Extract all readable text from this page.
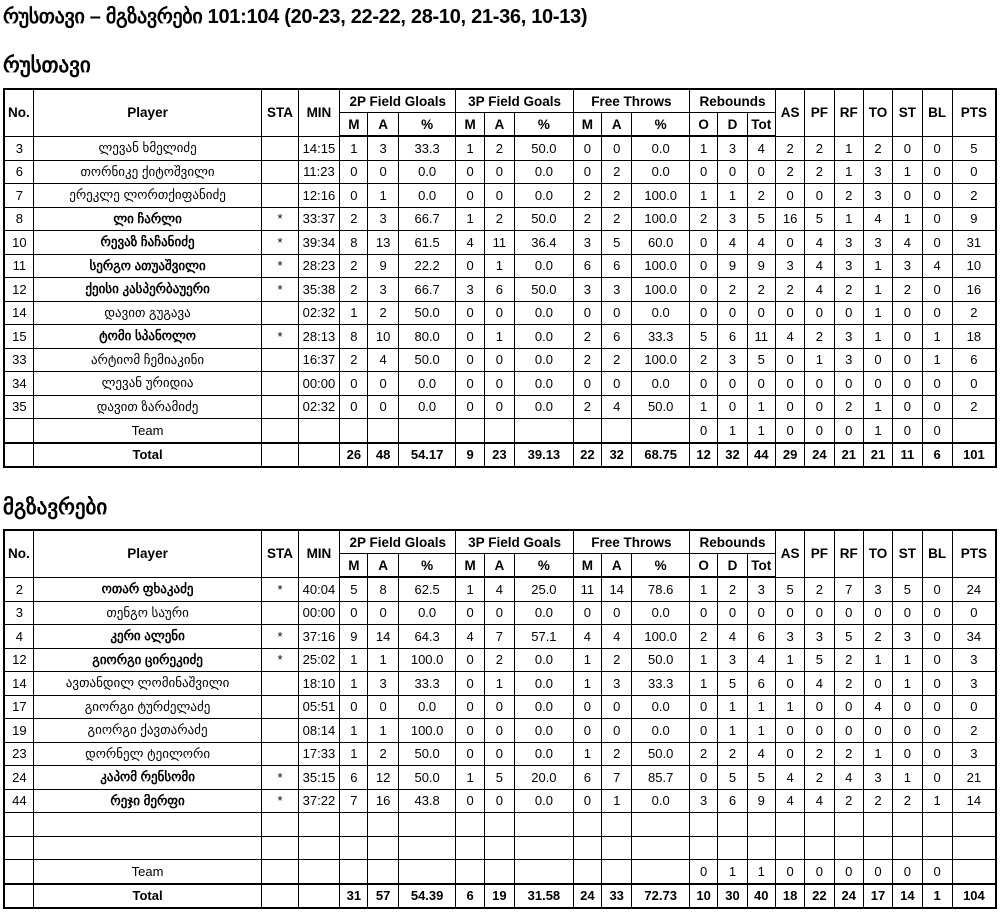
რუსთავი – მგზავრები 101:104 (20-23, 22-22, 28-10, 21-36, 10-13)
რუსთავი
No.	Player	STA	MIN	2P Field Gloals			3P Field Goals			Free Throws			Rebounds			AS	PF	RF	TO	ST	BL	PTS
				M	A	%	M	A	%	M	A	%	O	D	Tot							
3	ლევან ხმელიძე		14:15	1	3	33.3	1	2	50.0	0	0	0.0	1	3	4	2	2	1	2	0	0	5
6	თორნიკე ქიტოშვილი		11:23	0	0	0.0	0	0	0.0	0	2	0.0	0	0	0	2	2	1	3	1	0	0
7	ერეკლე ლორთქიფანიძე		12:16	0	1	0.0	0	0	0.0	2	2	100.0	1	1	2	0	0	2	3	0	0	2
8	ლი ჩარლი	*	33:37	2	3	66.7	1	2	50.0	2	2	100.0	2	3	5	16	5	1	4	1	0	9
10	რევაზ ჩაჩანიძე	*	39:34	8	13	61.5	4	11	36.4	3	5	60.0	0	4	4	0	4	3	3	4	0	31
11	სერგო ათუაშვილი	*	28:23	2	9	22.2	0	1	0.0	6	6	100.0	0	9	9	3	4	3	1	3	4	10
12	ქეისი კასპერბაუერი	*	35:38	2	3	66.7	3	6	50.0	3	3	100.0	0	2	2	2	4	2	1	2	0	16
14	დავით გუგავა		02:32	1	2	50.0	0	0	0.0	0	0	0.0	0	0	0	0	0	0	1	0	0	2
15	ტომი სპანოლო	*	28:13	8	10	80.0	0	1	0.0	2	6	33.3	5	6	11	4	2	3	1	0	1	18
33	არტიომ ჩემიაკინი		16:37	2	4	50.0	0	0	0.0	2	2	100.0	2	3	5	0	1	3	0	0	1	6
34	ლევან ურიდია		00:00	0	0	0.0	0	0	0.0	0	0	0.0	0	0	0	0	0	0	0	0	0	0
35	დავით ზარამიძე		02:32	0	0	0.0	0	0	0.0	2	4	50.0	1	0	1	0	0	2	1	0	0	2
	Team												0	1	1	0	0	0	1	0	0	
	Total			26	48	54.17	9	23	39.13	22	32	68.75	12	32	44	29	24	21	21	11	6	101
მგზავრები
No.	Player	STA	MIN	2P Field Gloals			3P Field Goals			Free Throws			Rebounds			AS	PF	RF	TO	ST	BL	PTS
				M	A	%	M	A	%	M	A	%	O	D	Tot							
2	ოთარ ფხაკაძე	*	40:04	5	8	62.5	1	4	25.0	11	14	78.6	1	2	3	5	2	7	3	5	0	24
3	თენგო საური		00:00	0	0	0.0	0	0	0.0	0	0	0.0	0	0	0	0	0	0	0	0	0	0
4	კერი ალენი	*	37:16	9	14	64.3	4	7	57.1	4	4	100.0	2	4	6	3	3	5	2	3	0	34
12	გიორგი ცირეკიძე	*	25:02	1	1	100.0	0	2	0.0	1	2	50.0	1	3	4	1	5	2	1	1	0	3
14	ავთანდილ ლომინაშვილი		18:10	1	3	33.3	0	1	0.0	1	3	33.3	1	5	6	0	4	2	0	1	0	3
17	გიორგი ტურძელაძე		05:51	0	0	0.0	0	0	0.0	0	0	0.0	0	1	1	1	0	0	4	0	0	0
19	გიორგი ქავთარაძე		08:14	1	1	100.0	0	0	0.0	0	0	0.0	0	1	1	0	0	0	0	0	0	2
23	დორნელ ტეილორი		17:33	1	2	50.0	0	0	0.0	1	2	50.0	2	2	4	0	2	2	1	0	0	3
24	კაპომ რენსომი	*	35:15	6	12	50.0	1	5	20.0	6	7	85.7	0	5	5	4	2	4	3	1	0	21
44	რეჯი მერფი	*	37:22	7	16	43.8	0	0	0.0	0	1	0.0	3	6	9	4	4	2	2	2	1	14

	Team												0	1	1	0	0	0	0	0	0	
	Total			31	57	54.39	6	19	31.58	24	33	72.73	10	30	40	18	22	24	17	14	1	104
